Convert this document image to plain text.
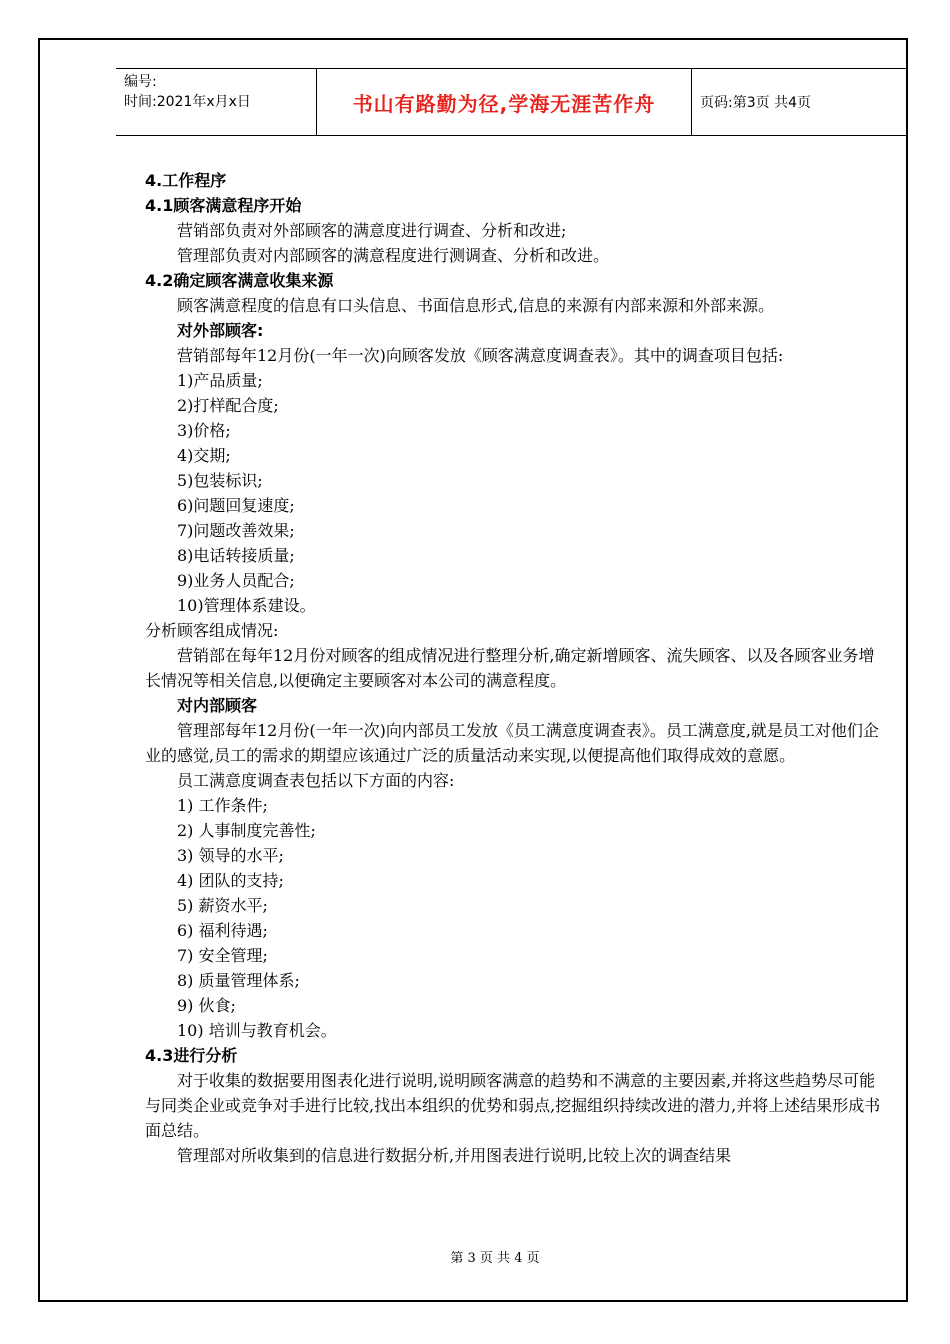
编号:
时间:2021年x月x日	书山有路勤为径,学海无涯苦作舟	页码:第3页 共4页

4.工作程序

4.1顾客满意程序开始

营销部负责对外部顾客的满意度进行调查、分析和改进;

管理部负责对内部顾客的满意程度进行测调查、分析和改进。

4.2确定顾客满意收集来源

顾客满意程度的信息有口头信息、书面信息形式,信息的来源有内部来源和外部来源。

对外部顾客:

营销部每年12月份(一年一次)向顾客发放《顾客满意度调查表》。其中的调查项目包括:

1)产品质量;

2)打样配合度;

3)价格;

4)交期;

5)包装标识;

6)问题回复速度;

7)问题改善效果;

8)电话转接质量;

9)业务人员配合;

10)管理体系建设。

分析顾客组成情况:

营销部在每年12月份对顾客的组成情况进行整理分析,确定新增顾客、流失顾客、以及各顾客业务增长情况等相关信息,以便确定主要顾客对本公司的满意程度。

对内部顾客

管理部每年12月份(一年一次)向内部员工发放《员工满意度调查表》。员工满意度,就是员工对他们企业的感觉,员工的需求的期望应该通过广泛的质量活动来实现,以便提高他们取得成效的意愿。

员工满意度调查表包括以下方面的内容:

1) 工作条件;

2) 人事制度完善性;

3) 领导的水平;

4) 团队的支持;

5) 薪资水平;

6) 福利待遇;

7) 安全管理;

8) 质量管理体系;

9) 伙食;

10) 培训与教育机会。

4.3进行分析

对于收集的数据要用图表化进行说明,说明顾客满意的趋势和不满意的主要因素,并将这些趋势尽可能与同类企业或竞争对手进行比较,找出本组织的优势和弱点,挖掘组织持续改进的潜力,并将上述结果形成书面总结。

管理部对所收集到的信息进行数据分析,并用图表进行说明,比较上次的调查结果

第 3 页 共 4 页
